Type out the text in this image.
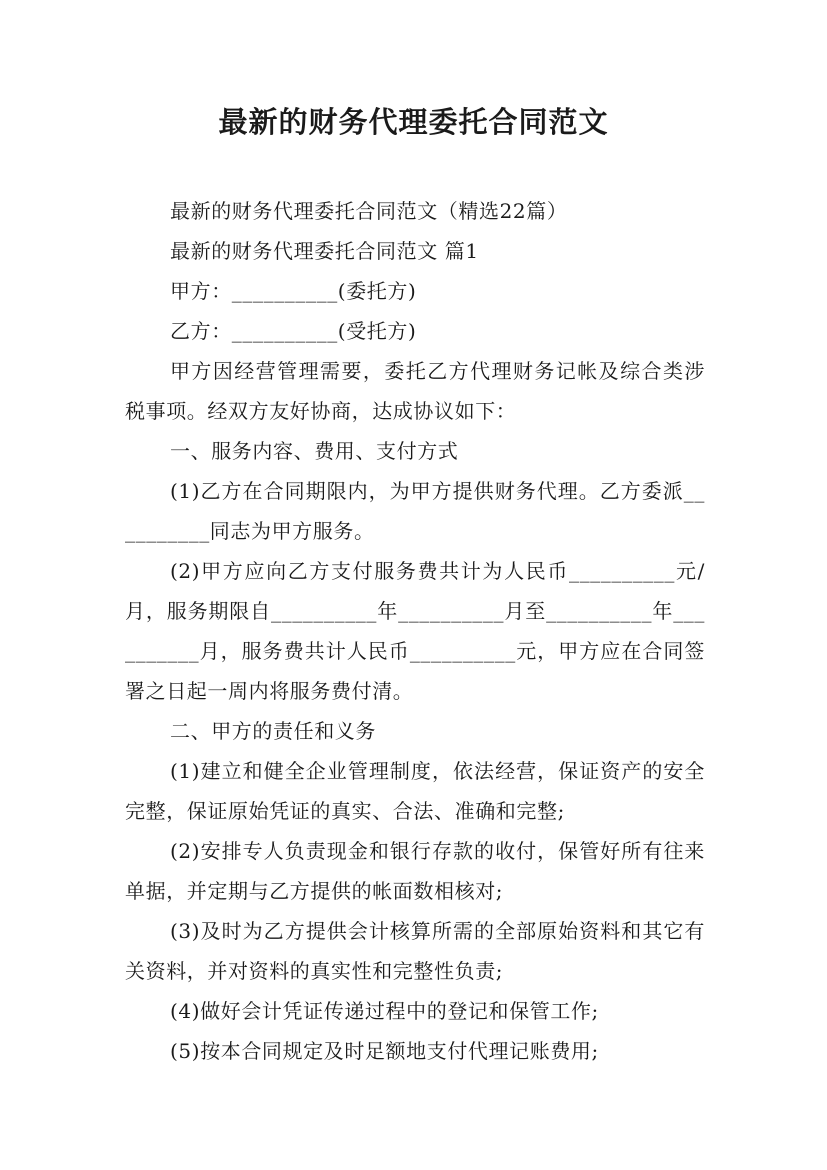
最新的财务代理委托合同范文

最新的财务代理委托合同范文（精选22篇）

最新的财务代理委托合同范文 篇1

甲方：__________(委托方)

乙方：__________(受托方)

甲方因经营管理需要，委托乙方代理财务记帐及综合类涉税事项。经双方友好协商，达成协议如下：

一、服务内容、费用、支付方式

(1)乙方在合同期限内，为甲方提供财务代理。乙方委派__________同志为甲方服务。

(2)甲方应向乙方支付服务费共计为人民币__________元/月，服务期限自__________年__________月至__________年__________月，服务费共计人民币__________元，甲方应在合同签署之日起一周内将服务费付清。

二、甲方的责任和义务

(1)建立和健全企业管理制度，依法经营，保证资产的安全完整，保证原始凭证的真实、合法、准确和完整;

(2)安排专人负责现金和银行存款的收付，保管好所有往来单据，并定期与乙方提供的帐面数相核对;

(3)及时为乙方提供会计核算所需的全部原始资料和其它有关资料，并对资料的真实性和完整性负责;

(4)做好会计凭证传递过程中的登记和保管工作;

(5)按本合同规定及时足额地支付代理记账费用;
